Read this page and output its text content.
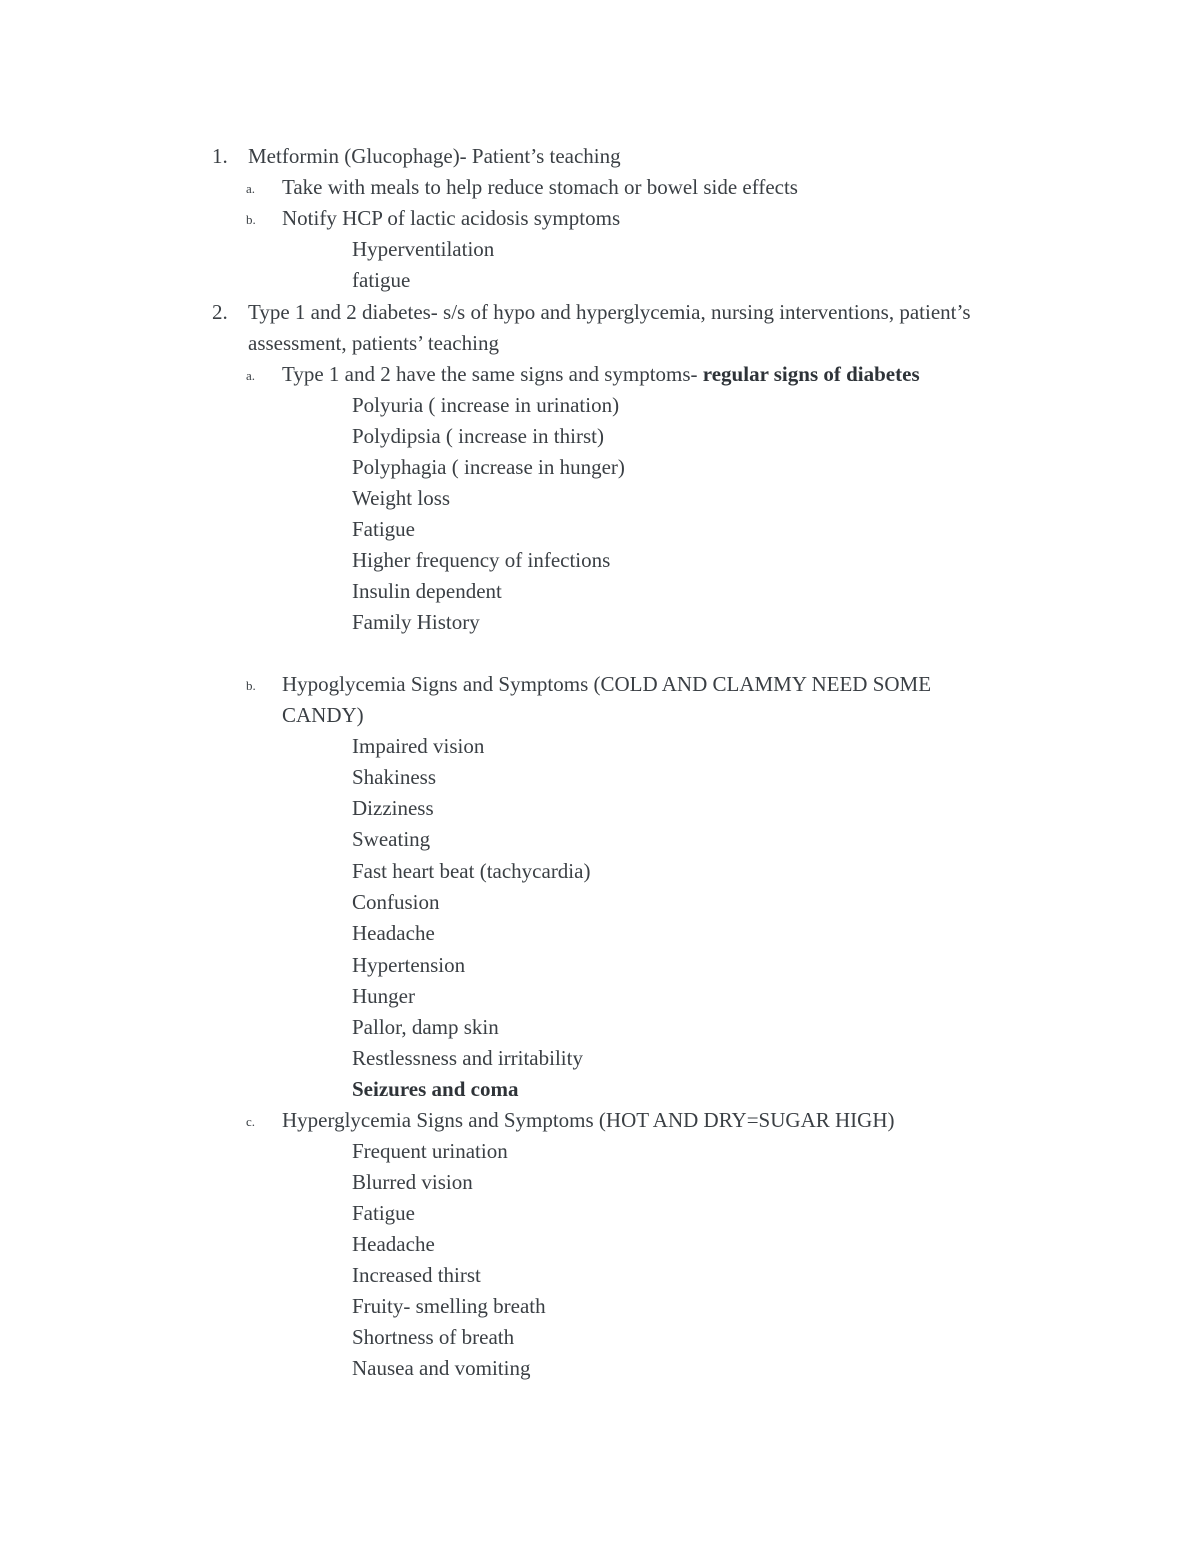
1. Metformin (Glucophage)- Patient’s teaching
a.	Take with meals to help reduce stomach or bowel side effects
b.	Notify HCP of lactic acidosis symptoms
Hyperventilation
fatigue
2. Type 1 and 2 diabetes- s/s of hypo and hyperglycemia, nursing interventions, patient’s
assessment, patients’ teaching
a.	Type 1 and 2 have the same signs and symptoms- regular signs of diabetes
Polyuria ( increase in urination)
Polydipsia ( increase in thirst)
Polyphagia ( increase in hunger)
Weight loss
Fatigue
Higher frequency of infections
Insulin dependent
Family History
b.	Hypoglycemia Signs and Symptoms (COLD AND CLAMMY NEED SOME
CANDY)
Impaired vision
Shakiness
Dizziness
Sweating
Fast heart beat (tachycardia)
Confusion
Headache
Hypertension
Hunger
Pallor, damp skin
Restlessness and irritability
Seizures and coma
c.	Hyperglycemia Signs and Symptoms (HOT AND DRY=SUGAR HIGH)
Frequent urination
Blurred vision
Fatigue
Headache
Increased thirst
Fruity- smelling breath
Shortness of breath
Nausea and vomiting
